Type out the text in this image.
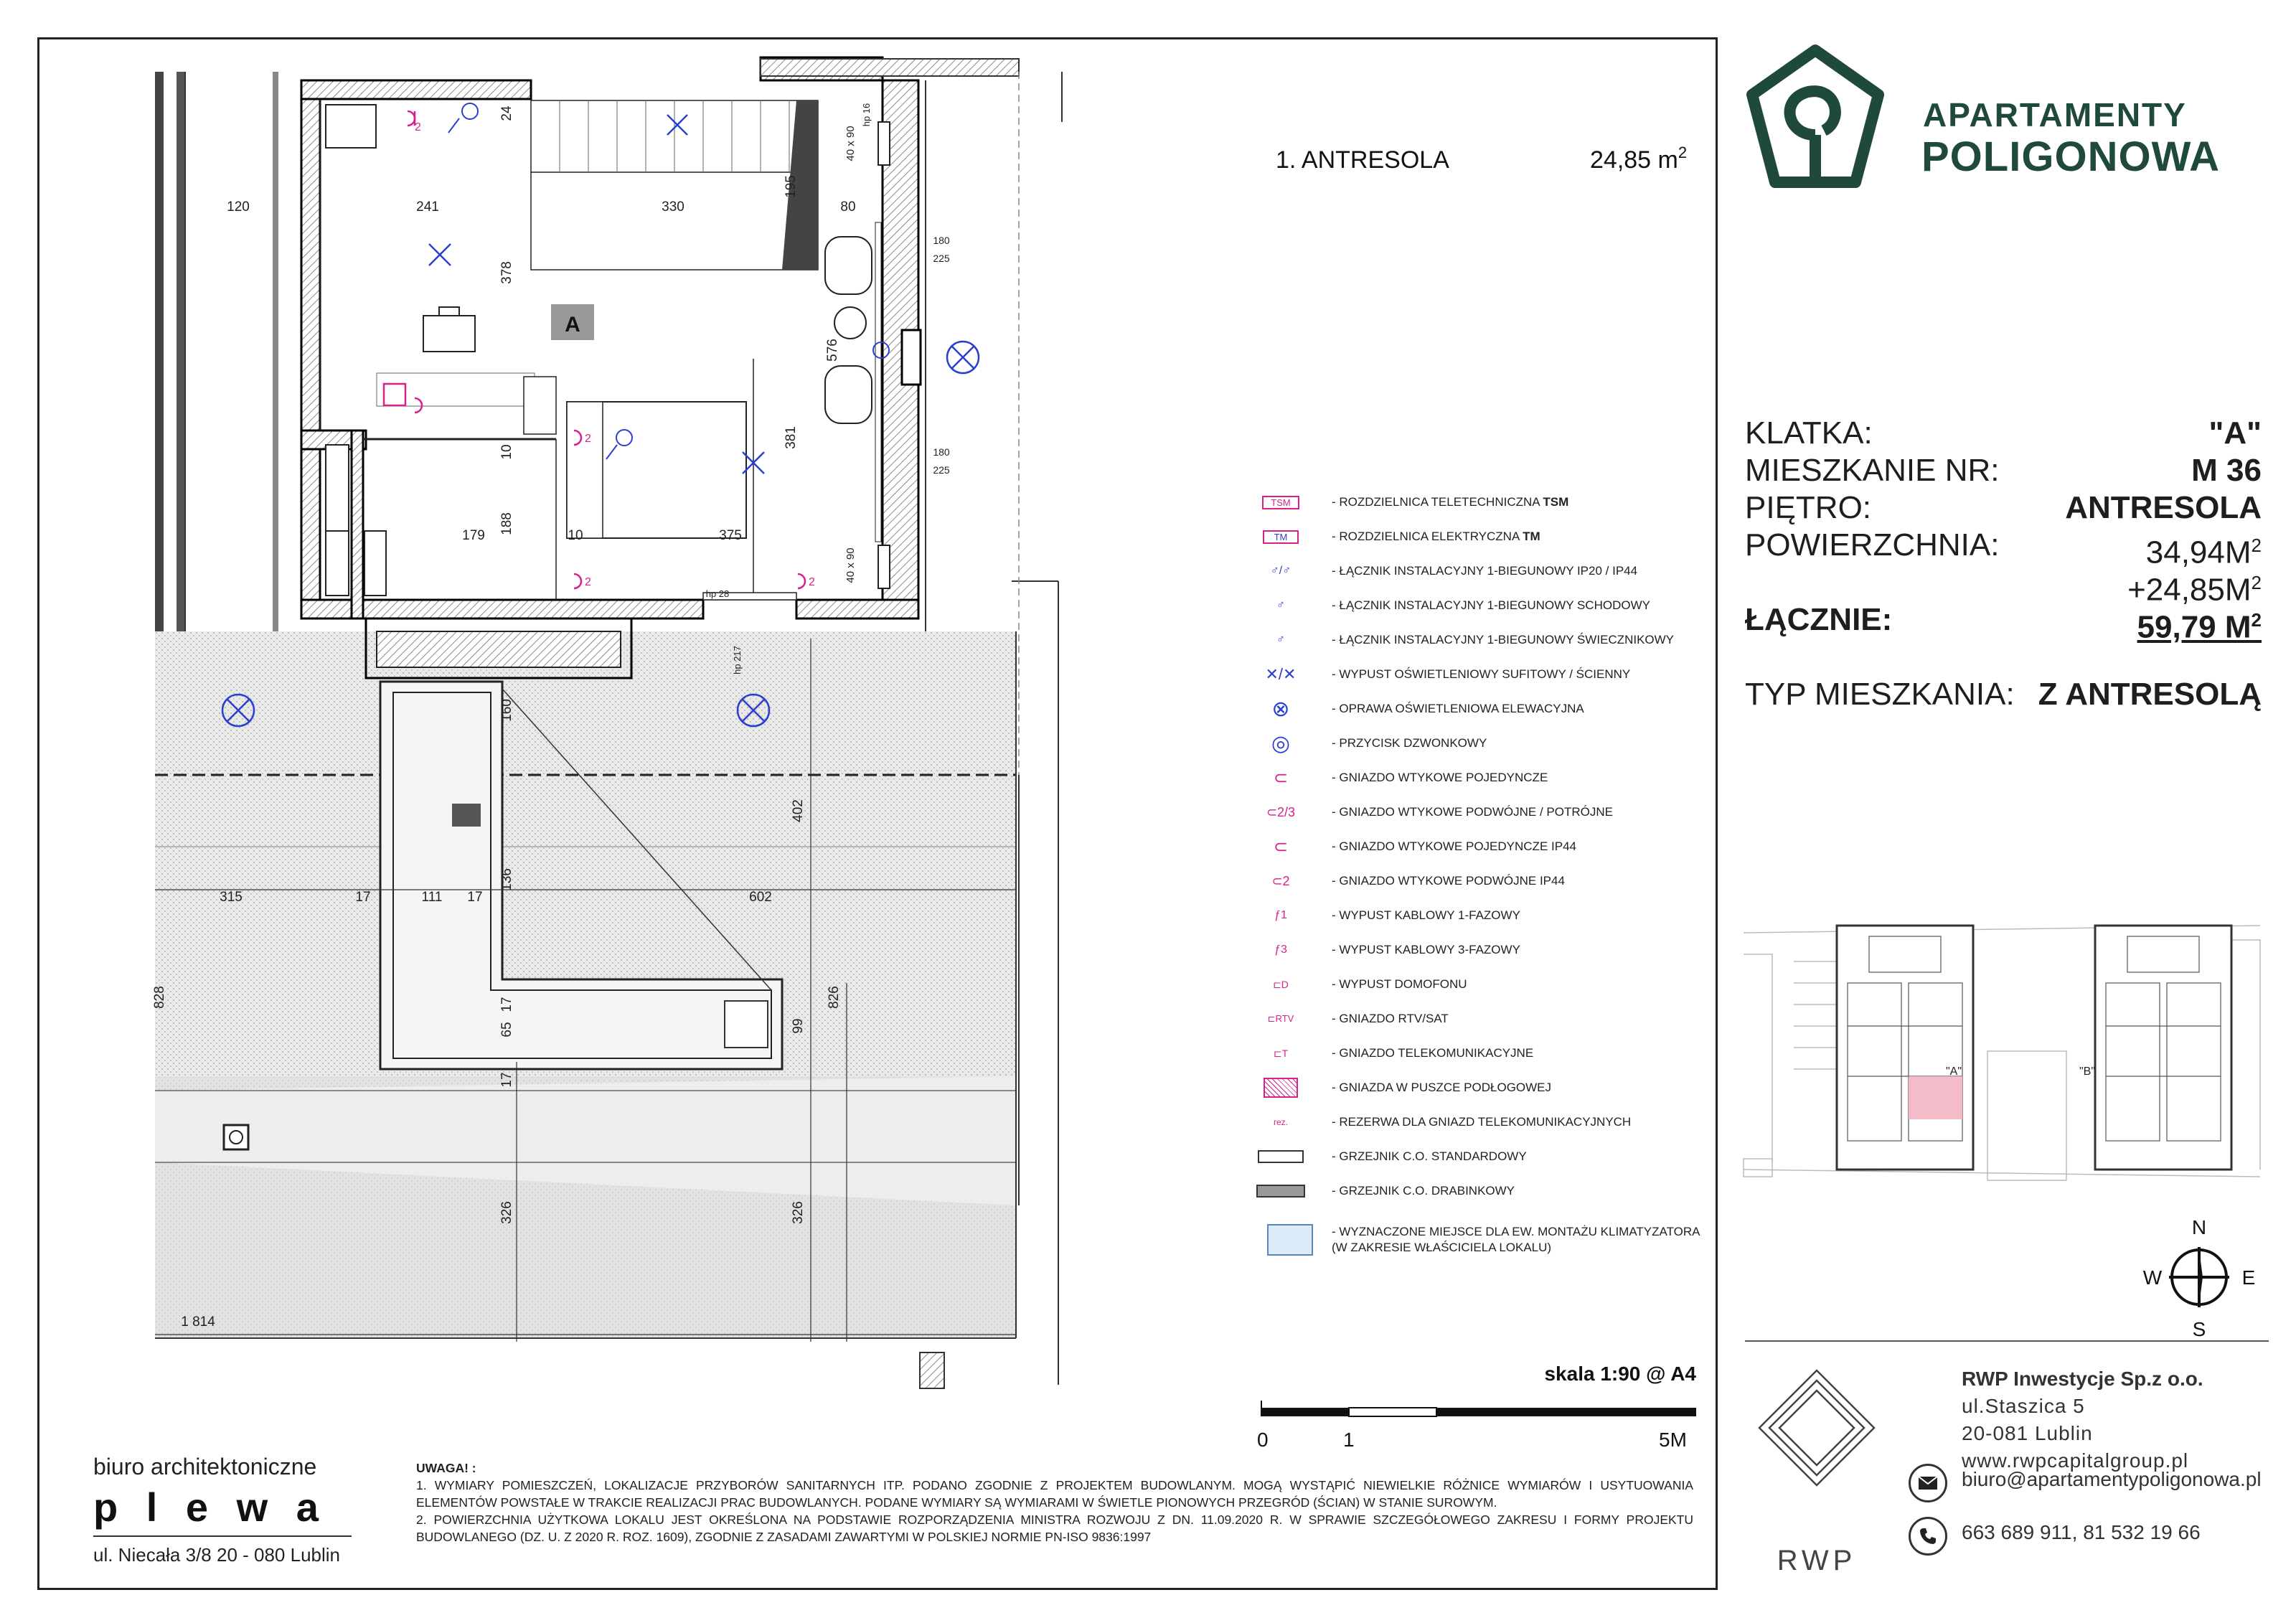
A
2
2
2	2
120	241	330	80
195
378
24
576
381
180
225
180
225
10
179
188
10	375
40 x 90
40 x 90
hp 28
160
402
315	17	111 17
136
602
826
99
65
17
17
326	326
1 814
828
hp 16
hp 217
1. ANTRESOLA	24,85 $m^2$
skala 1:90 @ A4
0	1	5M
TSM	- ROZDZIELNICA TELETECHNICZNA TSM
TM	- ROZDZIELNICA ELEKTRYCZNA TM
♂/♂	- ŁĄCZNIK INSTALACYJNY 1-BIEGUNOWY IP20 / IP44
♂	- ŁĄCZNIK INSTALACYJNY 1-BIEGUNOWY SCHODOWY
♂	- ŁĄCZNIK INSTALACYJNY 1-BIEGUNOWY ŚWIECZNIKOWY
✕/✕	- WYPUST OŚWIETLENIOWY SUFITOWY / ŚCIENNY
⊗	- OPRAWA OŚWIETLENIOWA ELEWACYJNA
◎	- PRZYCISK DZWONKOWY
⊂	- GNIAZDO WTYKOWE POJEDYNCZE
⊂2/3	- GNIAZDO WTYKOWE PODWÓJNE / POTRÓJNE
⊂	- GNIAZDO WTYKOWE POJEDYNCZE IP44
⊂2	- GNIAZDO WTYKOWE PODWÓJNE IP44
ƒ1	- WYPUST KABLOWY 1-FAZOWY
ƒ3	- WYPUST KABLOWY 3-FAZOWY
⊏D	- WYPUST DOMOFONU
⊏RTV	- GNIAZDO RTV/SAT
⊏T	- GNIAZDO TELEKOMUNIKACYJNE
- GNIAZDA W PUSZCE PODŁOGOWEJ
rez.	- REZERWA DLA GNIAZD TELEKOMUNIKACYJNYCH
- GRZEJNIK C.O. STANDARDOWY
- GRZEJNIK C.O. DRABINKOWY
- WYZNACZONE MIEJSCE DLA EW. MONTAŻU KLIMATYZATORA
(W ZAKRESIE WŁAŚCICIELA LOKALU)
APARTAMENTY
POLIGONOWA
KLATKA:	"A"
MIESZKANIE NR:	M 36
PIĘTRO:	ANTRESOLA
POWIERZCHNIA:	$34,94M^2$
$+24,85M^2$
ŁĄCZNIE:	59,79 $M^2$
TYP MIESZKANIA: Z ANTRESOLĄ
"A"	"B"
N
S
W	E
biuro architektoniczne
p l e w a
ul. Niecała 3/8 20 - 080 Lublin
UWAGA! :
1. WYMIARY POMIESZCZEŃ, LOKALIZACJE PRZYBORÓW SANITARNYCH ITP. PODANO ZGODNIE Z PROJEKTEM BUDOWLANYM. MOGĄ WYSTĄPIĆ NIEWIELKIE RÓŻNICE WYMIARÓW I USYTUOWANIA ELEMENTÓW POWSTAŁE W TRAKCIE REALIZACJI PRAC BUDOWLANYCH. PODANE WYMIARY SĄ WYMIARAMI W ŚWIETLE PIONOWYCH PRZEGRÓD (ŚCIAN) W STANIE SUROWYM.
2. POWIERZCHNIA UŻYTKOWA LOKALU JEST OKREŚLONA NA PODSTAWIE ROZPORZĄDZENIA MINISTRA ROZWOJU Z DN. 11.09.2020 R. W SPRAWIE SZCZEGÓŁOWEGO ZAKRESU I FORMY PROJEKTU BUDOWLANEGO (DZ. U. Z 2020 R. ROZ. 1609), ZGODNIE Z ZASADAMI ZAWARTYMI W POLSKIEJ NORMIE PN-ISO 9836:1997
RWP
RWP Inwestycje Sp.z o.o.
ul.Staszica 5
20-081 Lublin
www.rwpcapitalgroup.pl
biuro@apartamentypoligonowa.pl
663 689 911, 81 532 19 66
